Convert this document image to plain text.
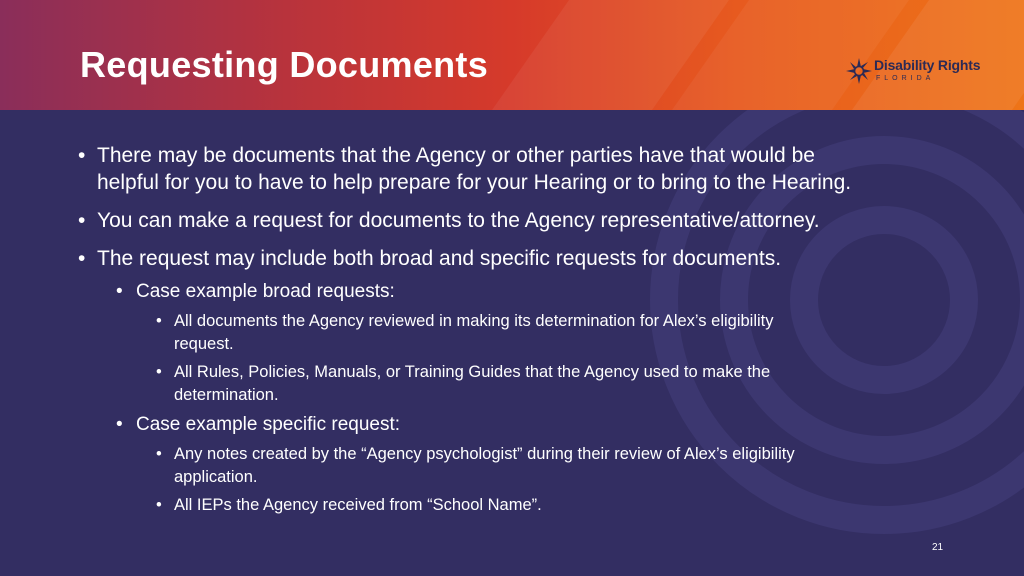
Requesting Documents	Disability Rights
FLORIDA
• There may be documents that the Agency or other parties have that would be
helpful for you to have to help prepare for your Hearing or to bring to the Hearing.
• You can make a request for documents to the Agency representative/attorney.
• The request may include both broad and specific requests for documents.
• Case example broad requests:
• All documents the Agency reviewed in making its determination for Alex’s eligibility
request.
• All Rules, Policies, Manuals, or Training Guides that the Agency used to make the
determination.
• Case example specific request:
• Any notes created by the “Agency psychologist” during their review of Alex’s eligibility
application.
• All IEPs the Agency received from “School Name”.
21
